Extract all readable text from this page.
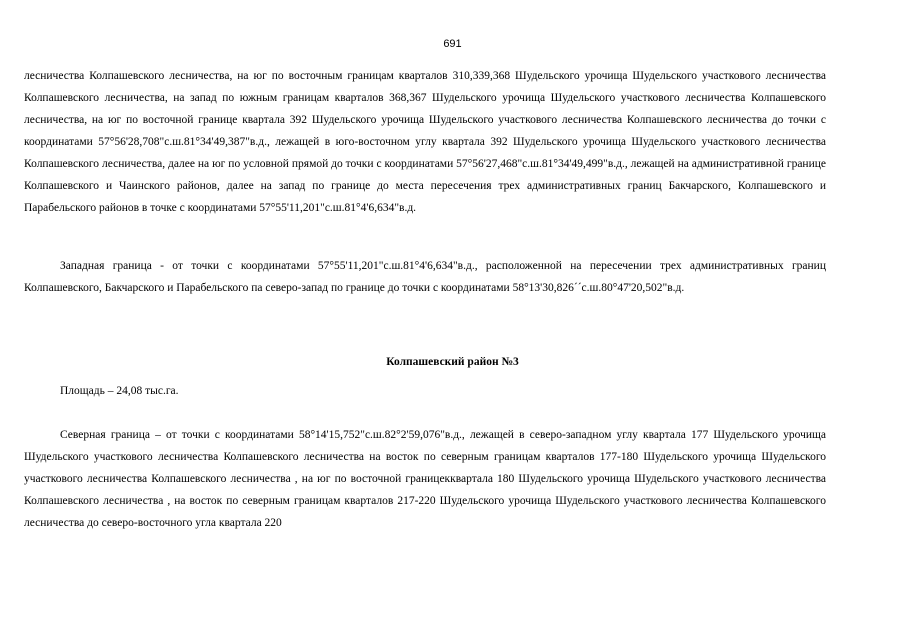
691

лесничества Колпашевского лесничества, на юг по восточным границам кварталов 310,339,368 Шудельского урочища Шудельского участкового лесничества Колпашевского лесничества, на запад по южным границам кварталов 368,367 Шудельского урочища Шудельского участкового лесничества Колпашевского лесничества, на юг по восточной границе квартала 392 Шудельского урочища Шудельского участкового лесничества Колпашевского лесничества до точки с координатами 57°56'28,708"с.ш.81°34'49,387"в.д., лежащей в юго-восточном углу квартала 392 Шудельского урочища Шудельского участкового лесничества Колпашевского лесничества, далее на юг по условной прямой до точки с координатами 57°56'27,468"с.ш.81°34'49,499"в.д., лежащей на административной границе Колпашевского и Чаинского районов, далее на запад по границе до места пересечения трех административных границ Бакчарского, Колпашевского и Парабельского районов в точке с координатами 57°55'11,201"с.ш.81°4'6,634"в.д.

Западная граница - от точки с координатами 57°55'11,201"с.ш.81°4'6,634"в.д., расположенной на пересечении трех административных границ Колпашевского, Бакчарского и Парабельского па северо-запад по границе до точки с координатами 58°13'30,826´´с.ш.80°47'20,502"в.д.

Колпашевский район №3

Площадь – 24,08 тыс.га.

Северная граница – от точки с координатами 58°14'15,752"с.ш.82°2'59,076"в.д., лежащей в северо-западном углу квартала 177 Шудельского урочища Шудельского участкового лесничества Колпашевского лесничества на восток по северным границам кварталов 177-180 Шудельского урочища Шудельского участкового лесничества Колпашевского лесничества , на юг по восточной границекквартала 180 Шудельского урочища Шудельского участкового лесничества Колпашевского лесничества , на восток по северным границам кварталов 217-220 Шудельского урочища Шудельского участкового лесничества Колпашевского лесничества до северо-восточного угла квартала 220
